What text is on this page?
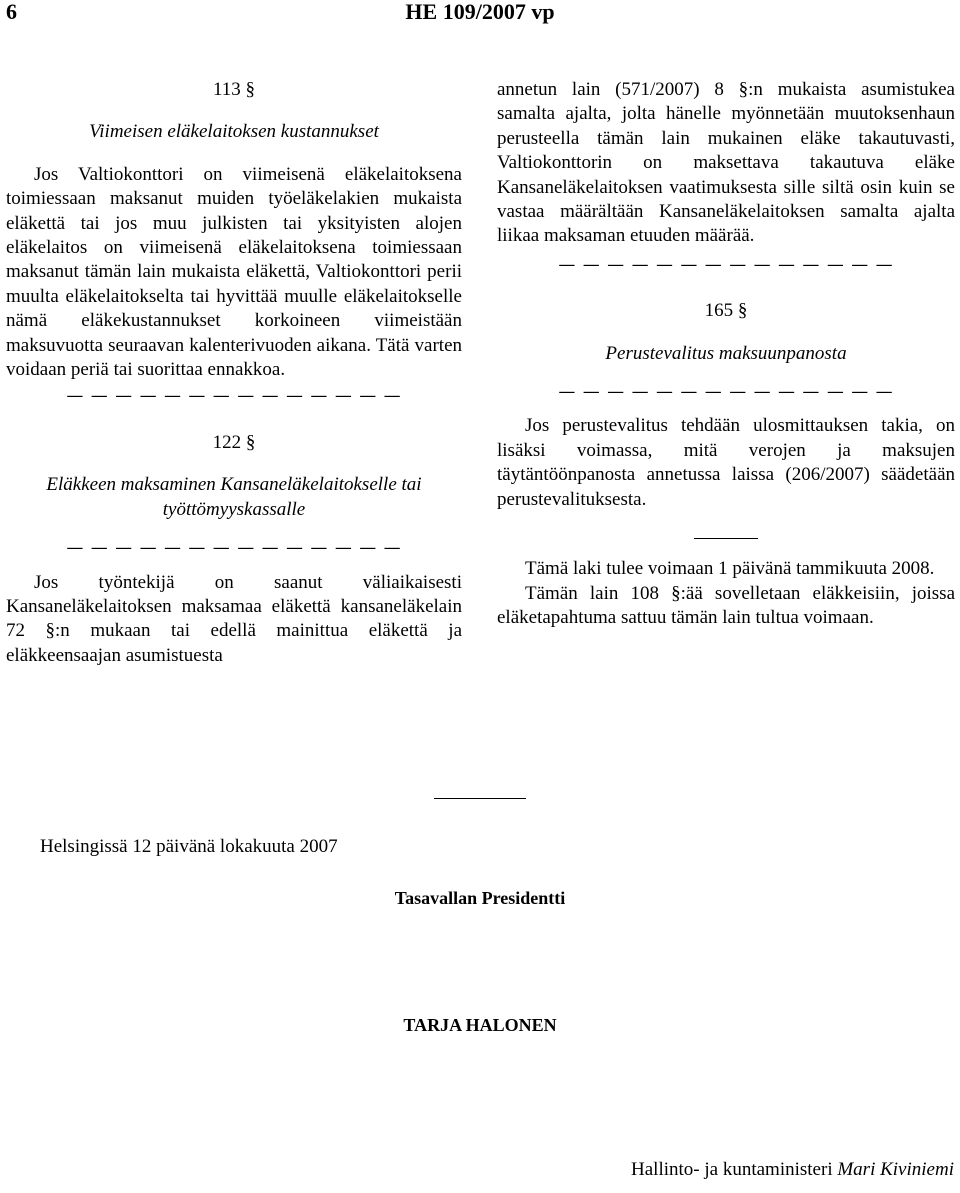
6	HE 109/2007 vp

113 §

Viimeisen eläkelaitoksen kustannukset

Jos Valtiokonttori on viimeisenä eläkelaitoksena toimiessaan maksanut muiden työeläkelakien mukaista eläkettä tai jos muu julkisten tai yksityisten alojen eläkelaitos on viimeisenä eläkelaitoksena toimiessaan maksanut tämän lain mukaista eläkettä, Valtiokonttori perii muulta eläkelaitokselta tai hyvittää muulle eläkelaitokselle nämä eläkekustannukset korkoineen viimeistään maksuvuotta seuraavan kalenterivuoden aikana. Tätä varten voidaan periä tai suorittaa ennakkoa.

— — — — — — — — — — — — — —

122 §

Eläkkeen maksaminen Kansaneläkelaitokselle tai työttömyyskassalle

— — — — — — — — — — — — — —

Jos työntekijä on saanut väliaikaisesti Kansaneläkelaitoksen maksamaa eläkettä kansaneläkelain 72 §:n mukaan tai edellä mainittua eläkettä ja eläkkeensaajan asumistuesta

annetun lain (571/2007) 8 §:n mukaista asumistukea samalta ajalta, jolta hänelle myönnetään muutoksenhaun perusteella tämän lain mukainen eläke takautuvasti, Valtiokonttorin on maksettava takautuva eläke Kansaneläkelaitoksen vaatimuksesta sille siltä osin kuin se vastaa määrältään Kansaneläkelaitoksen samalta ajalta liikaa maksaman etuuden määrää.

— — — — — — — — — — — — — —

165 §

Perustevalitus maksuunpanosta

— — — — — — — — — — — — — —

Jos perustevalitus tehdään ulosmittauksen takia, on lisäksi voimassa, mitä verojen ja maksujen täytäntöönpanosta annetussa laissa (206/2007) säädetään perustevalituksesta.

Tämä laki tulee voimaan 1 päivänä tammikuuta 2008.

Tämän lain 108 §:ää sovelletaan eläkkeisiin, joissa eläketapahtuma sattuu tämän lain tultua voimaan.

Helsingissä 12 päivänä lokakuuta 2007
Tasavallan Presidentti
TARJA HALONEN
Hallinto- ja kuntaministeri Mari Kiviniemi
